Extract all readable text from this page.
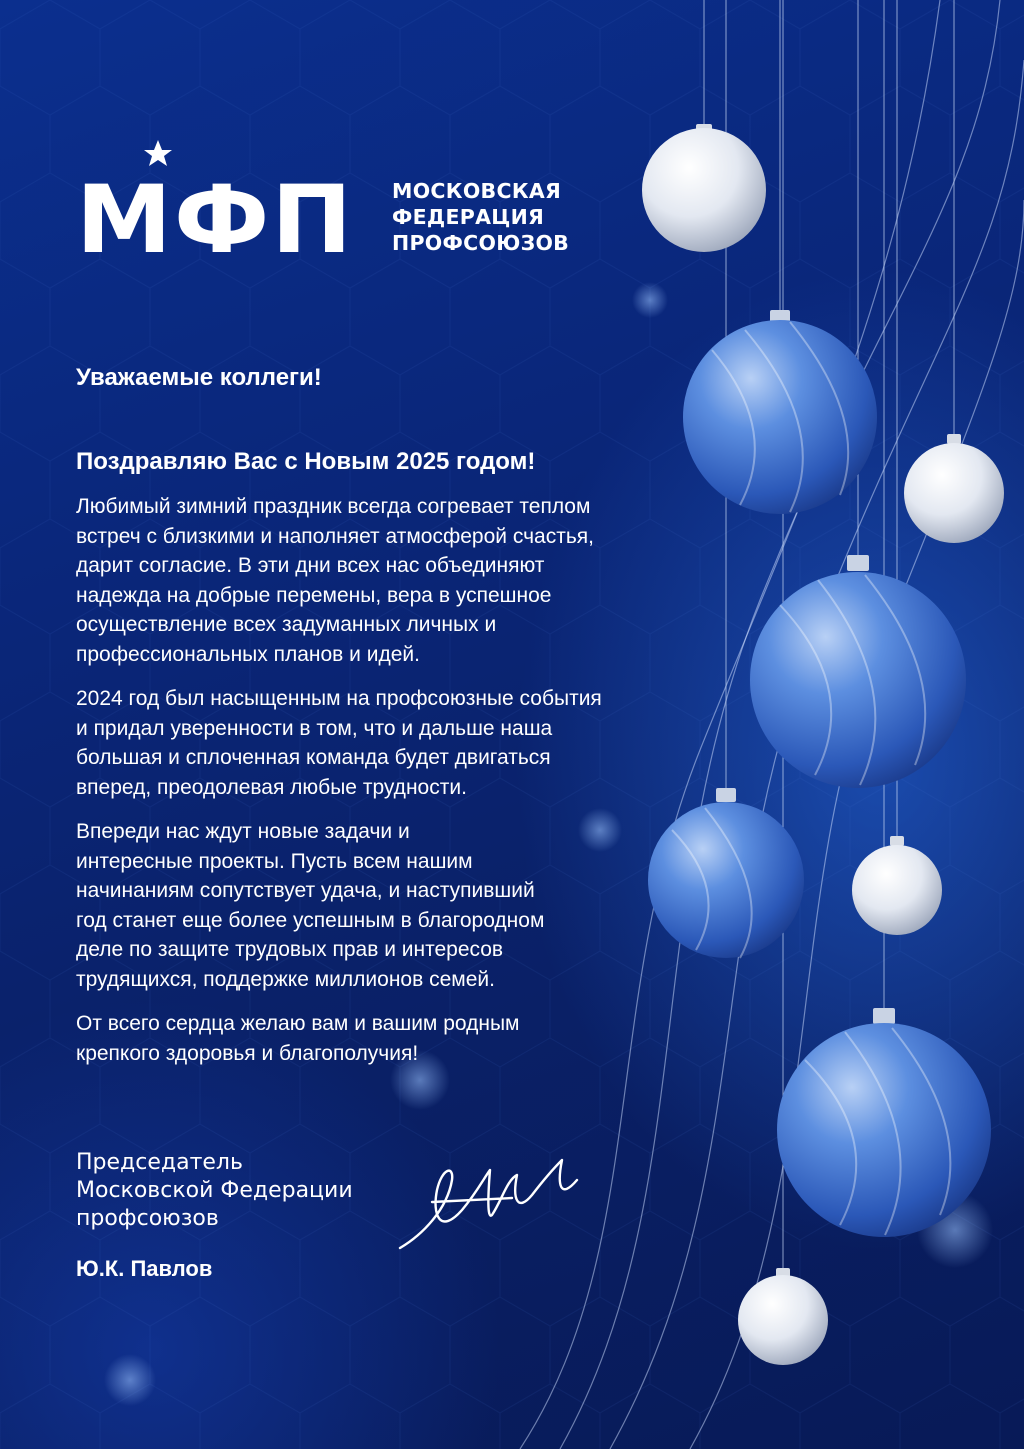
МФП МОСКОВСКАЯ
ФЕДЕРАЦИЯ
ПРОФСОЮЗОВ
Уважаемые коллеги!
Поздравляю Вас с Новым 2025 годом!
Любимый зимний праздник всегда согревает теплом
встреч с близкими и наполняет атмосферой счастья,
дарит согласие. В эти дни всех нас объединяют
надежда на добрые перемены, вера в успешное
осуществление всех задуманных личных и
профессиональных планов и идей.
2024 год был насыщенным на профсоюзные события
и придал уверенности в том, что и дальше наша
большая и сплоченная команда будет двигаться
вперед, преодолевая любые трудности.
Впереди нас ждут новые задачи и
интересные проекты. Пусть всем нашим
начинаниям сопутствует удача, и наступивший
год станет еще более успешным в благородном
деле по защите трудовых прав и интересов
трудящихся, поддержке миллионов семей.
От всего сердца желаю вам и вашим родным
крепкого здоровья и благополучия!
Председатель
Московской Федерации
профсоюзов
Ю.К. Павлов
